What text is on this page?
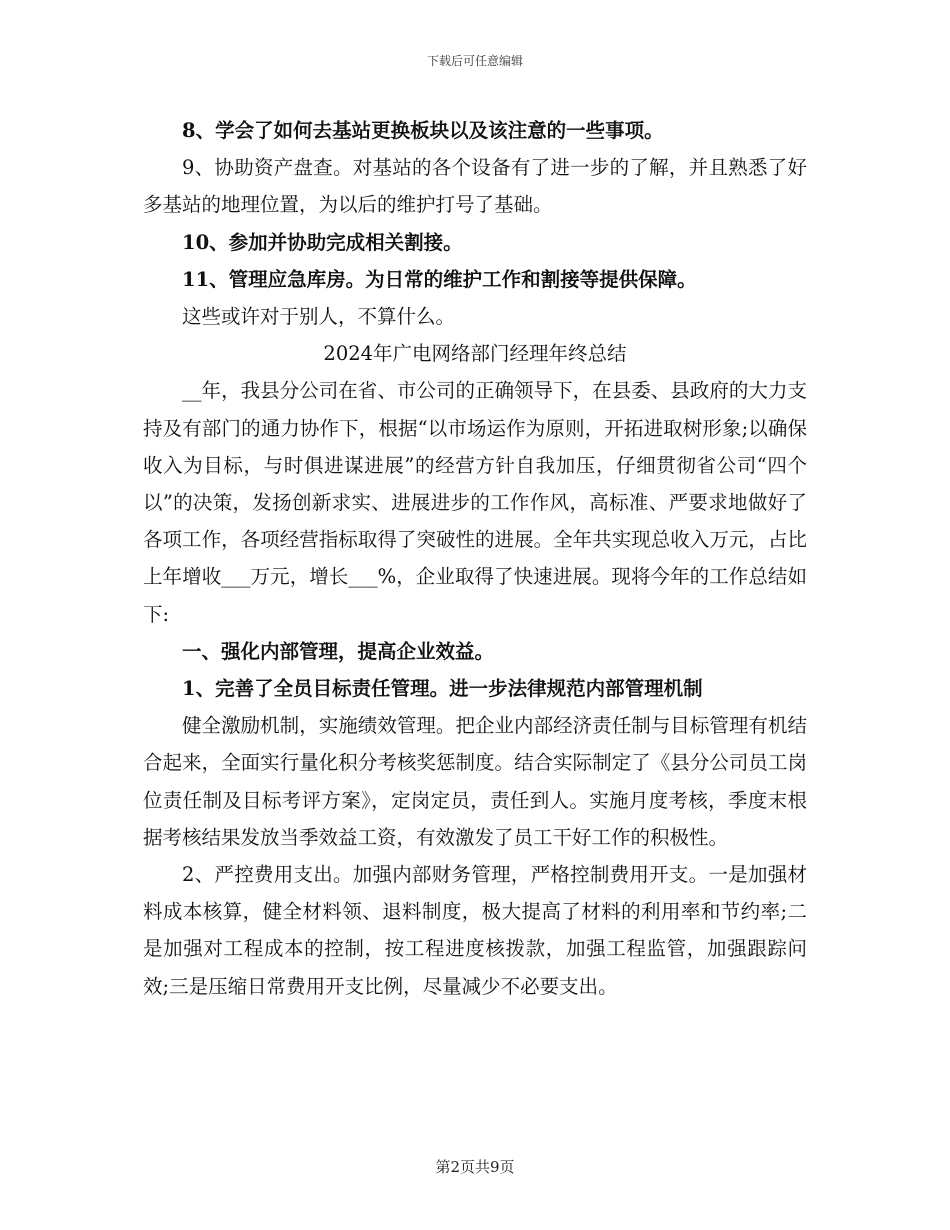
下载后可任意编辑

8、学会了如何去基站更换板块以及该注意的一些事项。

9、协助资产盘查。对基站的各个设备有了进一步的了解，并且熟悉了好多基站的地理位置，为以后的维护打号了基础。

10、参加并协助完成相关割接。

11、管理应急库房。为日常的维护工作和割接等提供保障。

这些或许对于别人，不算什么。

2024年广电网络部门经理年终总结

__年，我县分公司在省、市公司的正确领导下，在县委、县政府的大力支持及有部门的通力协作下，根据“以市场运作为原则，开拓进取树形象;以确保收入为目标，与时俱进谋进展”的经营方针自我加压，仔细贯彻省公司“四个以”的决策，发扬创新求实、进展进步的工作作风，高标准、严要求地做好了各项工作，各项经营指标取得了突破性的进展。全年共实现总收入万元，占比上年增收___万元，增长___%，企业取得了快速进展。现将今年的工作总结如下:

一、强化内部管理，提高企业效益。

1、完善了全员目标责任管理。进一步法律规范内部管理机制

健全激励机制，实施绩效管理。把企业内部经济责任制与目标管理有机结合起来，全面实行量化积分考核奖惩制度。结合实际制定了《县分公司员工岗位责任制及目标考评方案》，定岗定员，责任到人。实施月度考核，季度末根据考核结果发放当季效益工资，有效激发了员工干好工作的积极性。

2、严控费用支出。加强内部财务管理，严格控制费用开支。一是加强材料成本核算，健全材料领、退料制度，极大提高了材料的利用率和节约率;二是加强对工程成本的控制，按工程进度核拨款，加强工程监管，加强跟踪问效;三是压缩日常费用开支比例，尽量减少不必要支出。

第2页共9页
